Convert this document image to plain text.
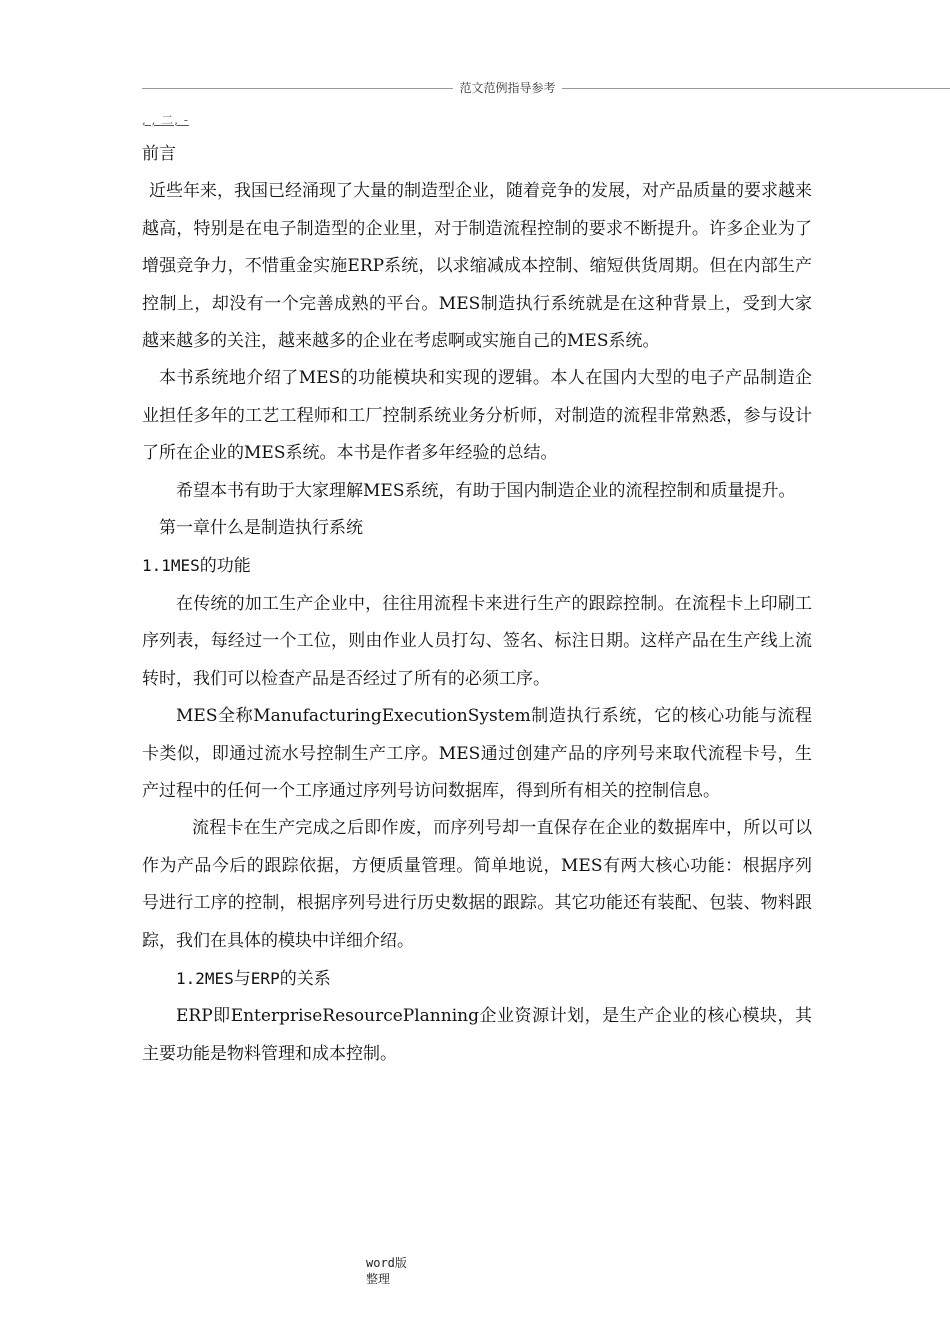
范文范例指导参考
, , 二, -

前言

近些年来，我国已经涌现了大量的制造型企业，随着竞争的发展，对产品质量的要求越来越高，特别是在电子制造型的企业里，对于制造流程控制的要求不断提升。许多企业为了增强竞争力，不惜重金实施ERP系统，以求缩减成本控制、缩短供货周期。但在内部生产控制上，却没有一个完善成熟的平台。MES制造执行系统就是在这种背景上，受到大家越来越多的关注，越来越多的企业在考虑啊或实施自己的MES系统。

本书系统地介绍了MES的功能模块和实现的逻辑。本人在国内大型的电子产品制造企业担任多年的工艺工程师和工厂控制系统业务分析师，对制造的流程非常熟悉，参与设计了所在企业的MES系统。本书是作者多年经验的总结。

希望本书有助于大家理解MES系统，有助于国内制造企业的流程控制和质量提升。

第一章什么是制造执行系统

1.1MES的功能

在传统的加工生产企业中，往往用流程卡来进行生产的跟踪控制。在流程卡上印刷工序列表，每经过一个工位，则由作业人员打勾、签名、标注日期。这样产品在生产线上流转时，我们可以检查产品是否经过了所有的必须工序。

MES全称ManufacturingExecutionSystem制造执行系统，它的核心功能与流程卡类似，即通过流水号控制生产工序。MES通过创建产品的序列号来取代流程卡号，生产过程中的任何一个工序通过序列号访问数据库，得到所有相关的控制信息。

流程卡在生产完成之后即作废，而序列号却一直保存在企业的数据库中，所以可以作为产品今后的跟踪依据，方便质量管理。简单地说，MES有两大核心功能：根据序列号进行工序的控制，根据序列号进行历史数据的跟踪。其它功能还有装配、包装、物料跟踪，我们在具体的模块中详细介绍。

1.2MES与ERP的关系

ERP即EnterpriseResourcePlanning企业资源计划，是生产企业的核心模块，其主要功能是物料管理和成本控制。

word版
整理
